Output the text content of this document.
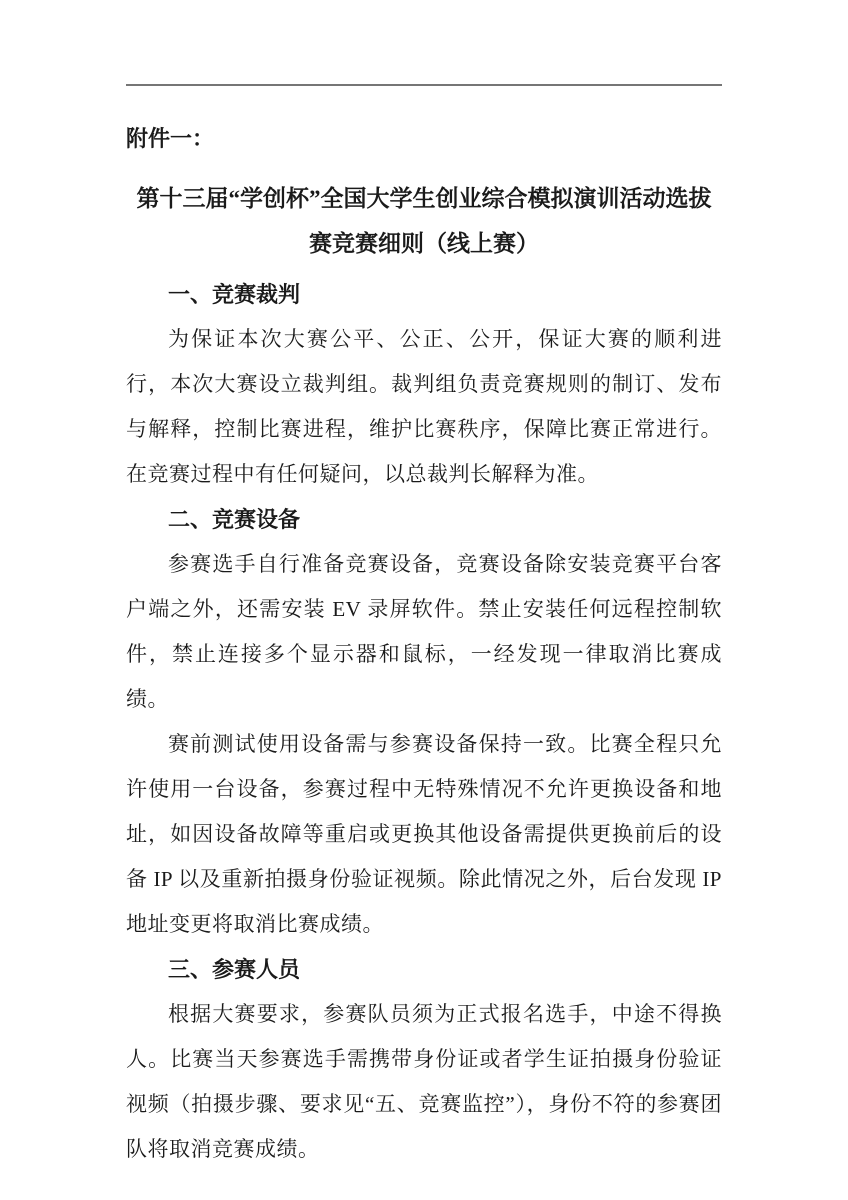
附件一：

第十三届“学创杯”全国大学生创业综合模拟演训活动选拔
赛竞赛细则（线上赛）
一、竞赛裁判

为保证本次大赛公平、公正、公开，保证大赛的顺利进行，本次大赛设立裁判组。裁判组负责竞赛规则的制订、发布与解释，控制比赛进程，维护比赛秩序，保障比赛正常进行。在竞赛过程中有任何疑问，以总裁判长解释为准。

二、竞赛设备

参赛选手自行准备竞赛设备，竞赛设备除安装竞赛平台客户端之外，还需安装 EV 录屏软件。禁止安装任何远程控制软件，禁止连接多个显示器和鼠标，一经发现一律取消比赛成绩。

赛前测试使用设备需与参赛设备保持一致。比赛全程只允许使用一台设备，参赛过程中无特殊情况不允许更换设备和地址，如因设备故障等重启或更换其他设备需提供更换前后的设备 IP 以及重新拍摄身份验证视频。除此情况之外，后台发现 IP 地址变更将取消比赛成绩。

三、参赛人员

根据大赛要求，参赛队员须为正式报名选手，中途不得换人。比赛当天参赛选手需携带身份证或者学生证拍摄身份验证视频（拍摄步骤、要求见“五、竞赛监控”），身份不符的参赛团队将取消竞赛成绩。
